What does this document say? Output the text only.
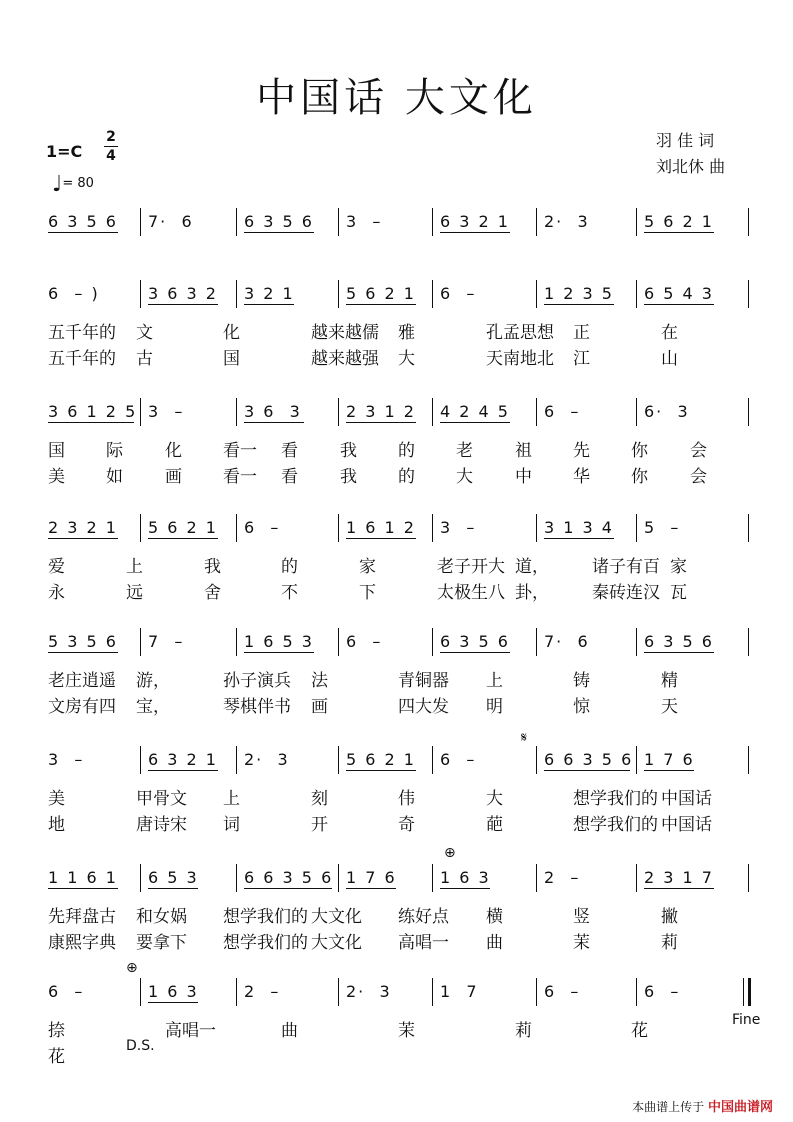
中国话 大文化
1=C
2
4
♩= 80
羽 佳 词
刘北休 曲
6 3 5 6 7·  6	6 3 5 6 3  –	6 3 2 1 2·  3	5 6 2 1
6  – )	3 6 3 2 3 2 1	5 6 2 1 6  –	1 2 3 5 6 5 4 3
3 6 1 2 5 3  –	3 6  3	2 3 1 2 4 2 4 5 6  –	6·  3
2 3 2 1 5 6 2 1 6  –	1 6 1 2 3  –	3 1 3 4 5  –
5 3 5 6 7  –	1 6 5 3 6  –	6 3 5 6 7·  6	6 3 5 6
3  –	6 3 2 1 2·  3	5 6 2 1 6  –	6 6 3 5 6 1 7 6
1 1 6 1 6 5 3	6 6 3 5 6 1 7 6	1 6 3	2  –	2 3 1 7
6  –	1 6 3	2  –	2·  3	1  7	6  –	6  –
𝄋
⊕
⊕
Fine
D.S.
本曲谱上传于 中国曲谱网
五千年的 文	化	越来越儒 雅	孔孟思想 正	在
五千年的 古	国	越来越强 大	天南地北 江	山
国 际 化 看一 看 我 的 老 祖 先 你 会
美 如 画 看一 看 我 的 大 中 华 你 会
爱	上	我	的	家	老子开大 道，	诸子有百 家
永	远	舍	不	下	太极生八 卦，	秦砖连汉 瓦
老庄逍遥 游，	孙子演兵 法	青铜器 上	铸	精
文房有四 宝，	琴棋伴书 画	四大发 明	惊	天
美	甲骨文 上	刻	伟	大	想学我们的 中国话
地	唐诗宋 词	开	奇	葩	想学我们的 中国话
先拜盘古 和女娲 想学我们的 大文化 练好点 横	竖	撇
康熙字典 要拿下 想学我们的 大文化 高唱一 曲	茉	莉
捺	高唱一	曲	茉	莉	花
花
